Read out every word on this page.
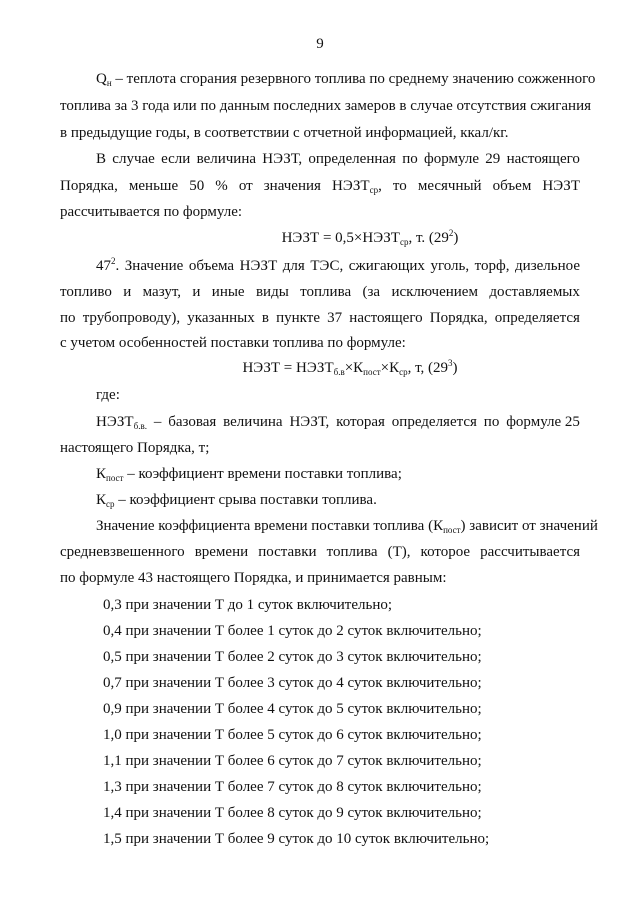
9
$Q_н$ – теплота сгорания резервного топлива по среднему значению сожженного
топлива за 3 года или по данным последних замеров в случае отсутствия сжигания
в предыдущие годы, в соответствии с отчетной информацией, ккал/кг.
В случае если величина НЭЗТ, определенная по формуле 29 настоящего
Порядка, меньше 50 % от значения $НЭЗТ_{ср}$, то месячный объем НЭЗТ
рассчитывается по формуле:
НЭЗТ = $0,5\times НЭЗТ_{ср}$, т. $(29^2)$
$47^2$. Значение объема НЭЗТ для ТЭС, сжигающих уголь, торф, дизельное
топливо и мазут, и иные виды топлива (за исключением доставляемых
по трубопроводу), указанных в пункте 37 настоящего Порядка, определяется
с учетом особенностей поставки топлива по формуле:
НЭЗТ = $НЭЗТ_{б.в}\times К_{пост}\times К_{ср}$, т, $(29^3)$
где:
$НЭЗТ_{б.в.}$ – базовая величина НЭЗТ, которая определяется по формуле 25
настоящего Порядка, т;
$К_{пост}$ – коэффициент времени поставки топлива;
$К_{ср}$ – коэффициент срыва поставки топлива.
Значение коэффициента времени поставки топлива $(К_{пост})$ зависит от значений
средневзвешенного времени поставки топлива (Т), которое рассчитывается
по формуле 43 настоящего Порядка, и принимается равным:
0,3 при значении Т до 1 суток включительно;
0,4 при значении Т более 1 суток до 2 суток включительно;
0,5 при значении Т более 2 суток до 3 суток включительно;
0,7 при значении Т более 3 суток до 4 суток включительно;
0,9 при значении Т более 4 суток до 5 суток включительно;
1,0 при значении Т более 5 суток до 6 суток включительно;
1,1 при значении Т более 6 суток до 7 суток включительно;
1,3 при значении Т более 7 суток до 8 суток включительно;
1,4 при значении Т более 8 суток до 9 суток включительно;
1,5 при значении Т более 9 суток до 10 суток включительно;
